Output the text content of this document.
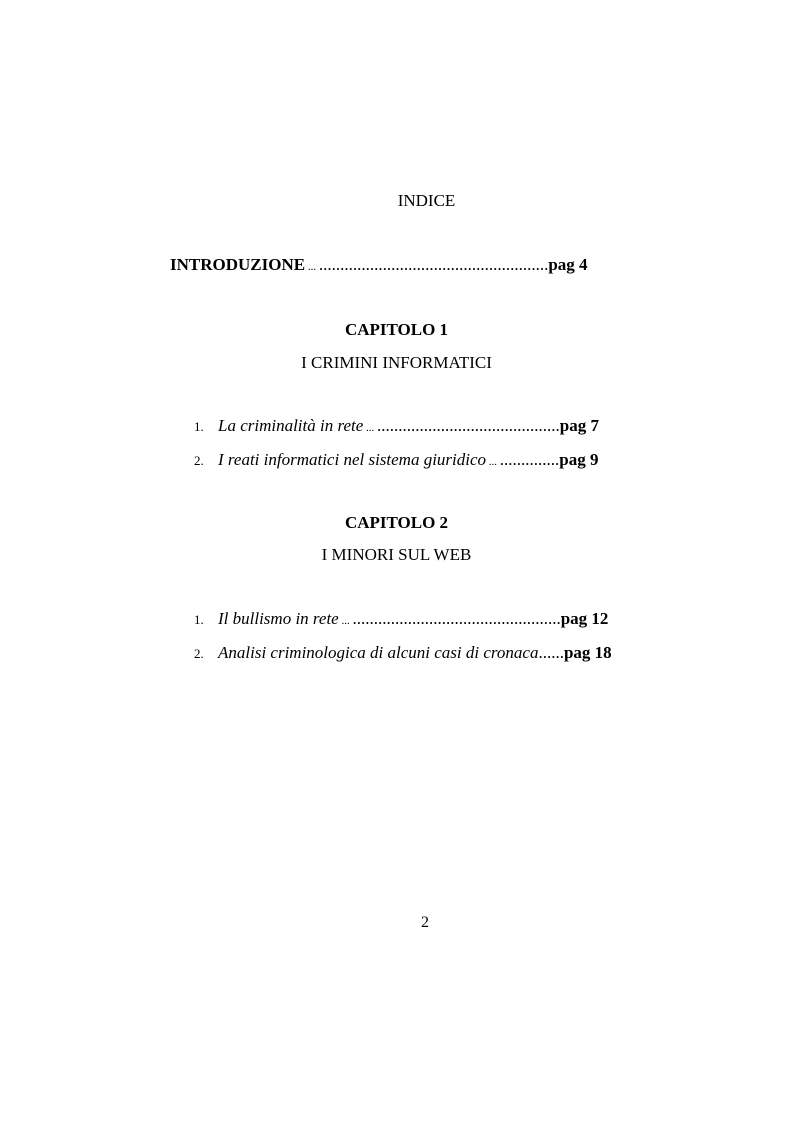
INDICE
INTRODUZIONE ... ......................................................pag 4
CAPITOLO 1
I CRIMINI INFORMATICI
1. La criminalità in rete ... ...........................................pag 7
2. I reati informatici nel sistema giuridico ... ..............pag 9
CAPITOLO 2
I MINORI SUL WEB
1. Il bullismo in rete ... .................................................pag 12
2. Analisi criminologica di alcuni casi di cronaca......pag 18
2
